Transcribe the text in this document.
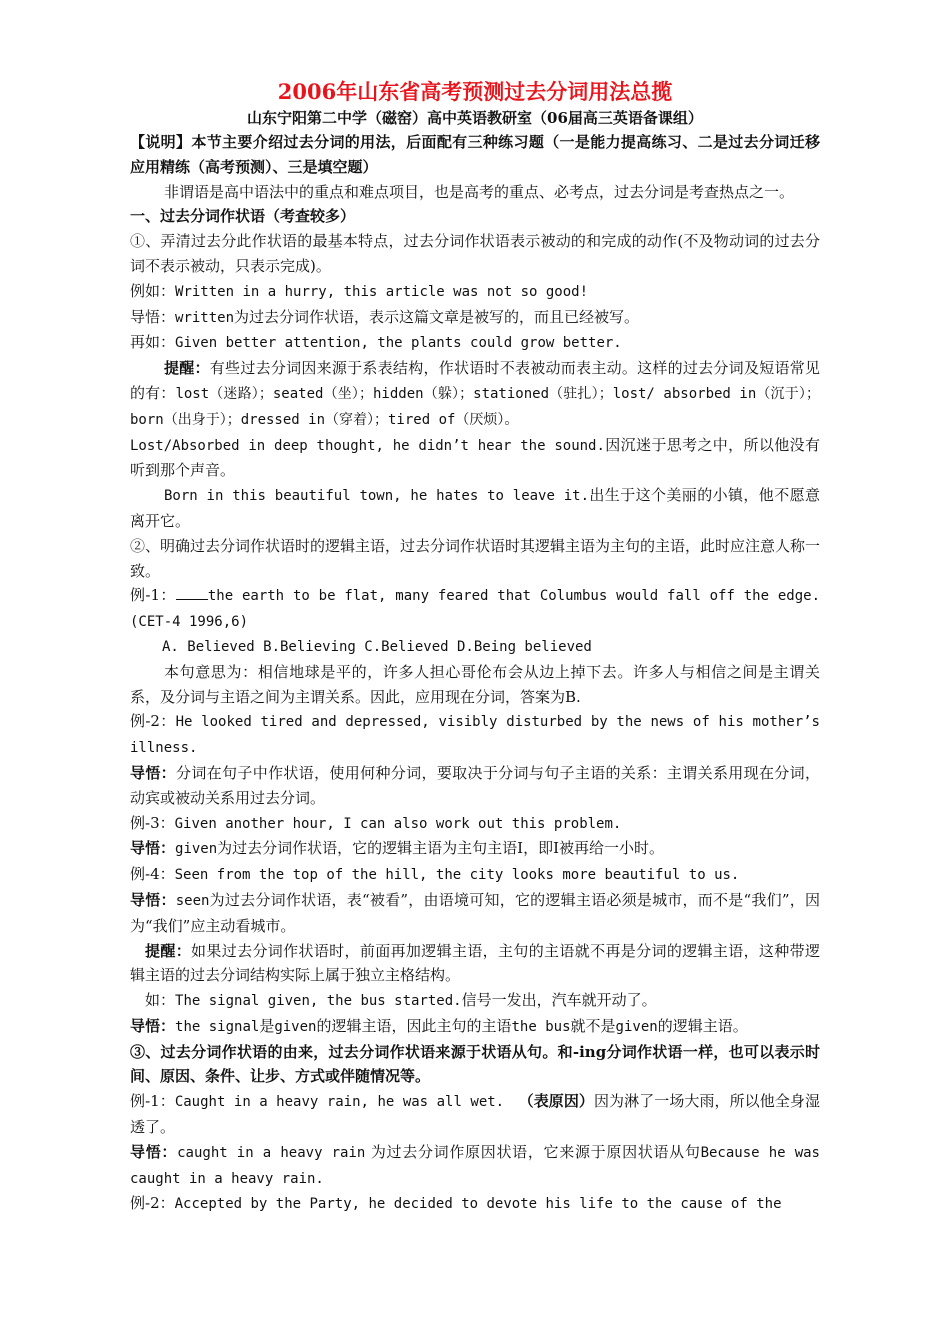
2006年山东省高考预测过去分词用法总揽
山东宁阳第二中学（磁窑）高中英语教研室（06届高三英语备课组）

【说明】本节主要介绍过去分词的用法，后面配有三种练习题（一是能力提高练习、二是过去分词迁移应用精练（高考预测）、三是填空题）

非谓语是高中语法中的重点和难点项目，也是高考的重点、必考点，过去分词是考查热点之一。

一、过去分词作状语（考查较多）

①、弄清过去分此作状语的最基本特点，过去分词作状语表示被动的和完成的动作(不及物动词的过去分词不表示被动，只表示完成)。

例如：Written in a hurry, this article was not so good!

导悟：written为过去分词作状语，表示这篇文章是被写的，而且已经被写。

再如：Given better attention, the plants could grow better.

提醒：有些过去分词因来源于系表结构，作状语时不表被动而表主动。这样的过去分词及短语常见的有：lost（迷路）；seated（坐）；hidden（躲）；stationed（驻扎）；lost/ absorbed in（沉于）；born（出身于）；dressed in（穿着）；tired of（厌烦）。

Lost/Absorbed in deep thought, he didn’t hear the sound.因沉迷于思考之中，所以他没有听到那个声音。

Born in this beautiful town, he hates to leave it.出生于这个美丽的小镇，他不愿意离开它。

②、明确过去分词作状语时的逻辑主语，过去分词作状语时其逻辑主语为主句的主语，此时应注意人称一致。

例-1： the earth to be flat, many feared that Columbus would fall off the edge. (CET-4 1996,6)

A. Believed B.Believing C.Believed D.Being believed

本句意思为：相信地球是平的，许多人担心哥伦布会从边上掉下去。许多人与相信之间是主谓关系，及分词与主语之间为主谓关系。因此，应用现在分词，答案为B.

例-2：He looked tired and depressed, visibly disturbed by the news of his mother’s illness.

导悟：分词在句子中作状语，使用何种分词，要取决于分词与句子主语的关系：主谓关系用现在分词，动宾或被动关系用过去分词。

例-3：Given another hour, I can also work out this problem.

导悟：given为过去分词作状语，它的逻辑主语为主句主语I，即I被再给一小时。

例-4：Seen from the top of the hill, the city looks more beautiful to us.

导悟：seen为过去分词作状语，表“被看”，由语境可知，它的逻辑主语必须是城市，而不是“我们”，因为“我们”应主动看城市。

提醒：如果过去分词作状语时，前面再加逻辑主语，主句的主语就不再是分词的逻辑主语，这种带逻辑主语的过去分词结构实际上属于独立主格结构。

如：The signal given, the bus started.信号一发出，汽车就开动了。

导悟：the signal是given的逻辑主语，因此主句的主语the bus就不是given的逻辑主语。

③、过去分词作状语的由来，过去分词作状语来源于状语从句。和-ing分词作状语一样，也可以表示时间、原因、条件、让步、方式或伴随情况等。

例-1：Caught in a heavy rain, he was all wet. （表原因）因为淋了一场大雨，所以他全身湿透了。

导悟：caught in a heavy rain 为过去分词作原因状语，它来源于原因状语从句Because he was caught in a heavy rain.

例-2：Accepted by the Party, he decided to devote his life to the cause of the
